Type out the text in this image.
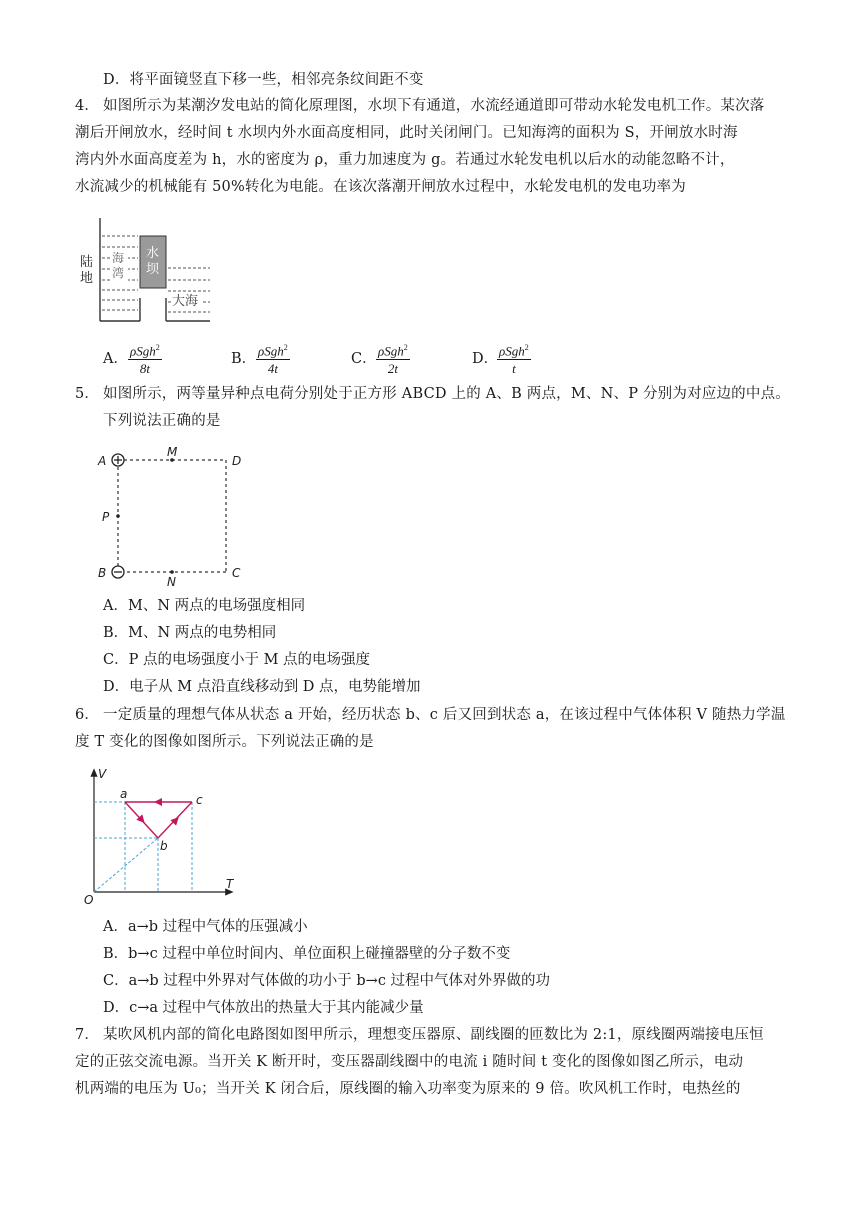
D．将平面镜竖直下移一些，相邻亮条纹间距不变
4． 如图所示为某潮汐发电站的简化原理图，水坝下有通道，水流经通道即可带动水轮发电机工作。某次落
潮后开闸放水，经时间 t 水坝内外水面高度相同，此时关闭闸门。已知海湾的面积为 S，开闸放水时海
湾内外水面高度差为 h，水的密度为 ρ，重力加速度为 g。若通过水轮发电机以后水的动能忽略不计，
水流减少的机械能有 50%转化为电能。在该次落潮开闸放水过程中，水轮发电机的发电功率为
陆
地
海
湾
水
坝
大海
A．
ρSgh$^2$
8t
B．
ρSgh$^2$
4t
C．
ρSgh$^2$
2t
D．
ρSgh$^2$
t
5． 如图所示，两等量异种点电荷分别处于正方形 ABCD 上的 A、B 两点，M、N、P 分别为对应边的中点。
下列说法正确的是
A
B	C
D
M
N
P
A．M、N 两点的电场强度相同
B．M、N 两点的电势相同
C．P 点的电场强度小于 M 点的电场强度
D．电子从 M 点沿直线移动到 D 点，电势能增加
6． 一定质量的理想气体从状态 a 开始，经历状态 b、c 后又回到状态 a，在该过程中气体体积 V 随热力学温
度 T 变化的图像如图所示。下列说法正确的是
V
T
O
a
b
c
A．a→b 过程中气体的压强减小
B．b→c 过程中单位时间内、单位面积上碰撞器壁的分子数不变
C．a→b 过程中外界对气体做的功小于 b→c 过程中气体对外界做的功
D．c→a 过程中气体放出的热量大于其内能减少量
7． 某吹风机内部的简化电路图如图甲所示，理想变压器原、副线圈的匝数比为 2:1，原线圈两端接电压恒
定的正弦交流电源。当开关 K 断开时，变压器副线圈中的电流 i 随时间 t 变化的图像如图乙所示，电动
机两端的电压为 U₀；当开关 K 闭合后，原线圈的输入功率变为原来的 9 倍。吹风机工作时，电热丝的
